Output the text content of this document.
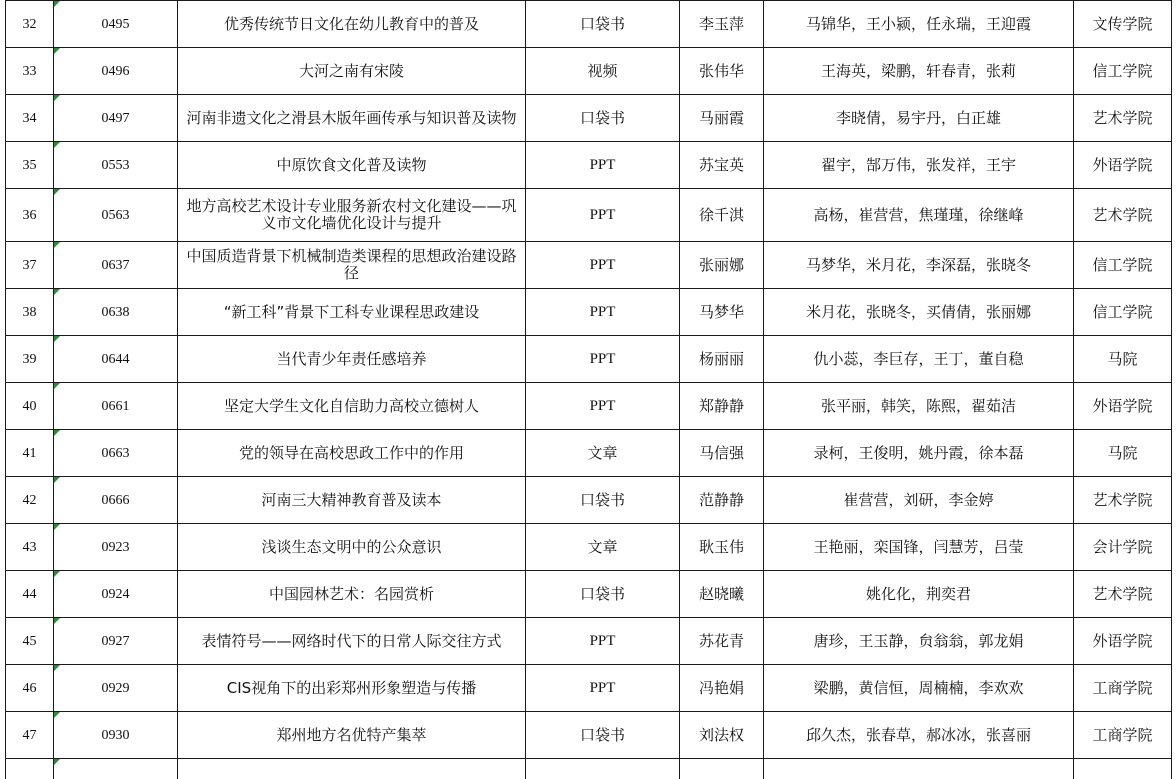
32	0495	优秀传统节日文化在幼儿教育中的普及	口袋书	李玉萍	马锦华，王小颍，任永瑞，王迎霞	文传学院
33	0496	大河之南有宋陵	视频	张伟华	王海英，梁鹏，轩春青，张莉	信工学院
34	0497	河南非遗文化之滑县木版年画传承与知识普及读物	口袋书	马丽霞	李晓倩，易宇丹，白正雄	艺术学院
35	0553	中原饮食文化普及读物	PPT	苏宝英	翟宇，郜万伟，张发祥，王宇	外语学院
36	0563	地方高校艺术设计专业服务新农村文化建设——巩义市文化墙优化设计与提升	PPT	徐千淇	高杨，崔营营，焦瑾瑾，徐继峰	艺术学院
37	0637	中国质造背景下机械制造类课程的思想政治建设路径	PPT	张丽娜	马梦华，米月花，李深磊，张晓冬	信工学院
38	0638	“新工科”背景下工科专业课程思政建设	PPT	马梦华	米月花，张晓冬，买倩倩，张丽娜	信工学院
39	0644	当代青少年责任感培养	PPT	杨丽丽	仇小蕊，李巨存，王丁，董自稳	马院
40	0661	坚定大学生文化自信助力高校立德树人	PPT	郑静静	张平丽，韩笑，陈熙，翟茹洁	外语学院
41	0663	党的领导在高校思政工作中的作用	文章	马信强	录柯，王俊明，姚丹霞，徐本磊	马院
42	0666	河南三大精神教育普及读本	口袋书	范静静	崔营营，刘研，李金婷	艺术学院
43	0923	浅谈生态文明中的公众意识	文章	耿玉伟	王艳丽，栾国锋，闫慧芳，吕莹	会计学院
44	0924	中国园林艺术：名园赏析	口袋书	赵晓曦	姚化化，荆奕君	艺术学院
45	0927	表情符号——网络时代下的日常人际交往方式	PPT	苏花青	唐珍，王玉静，贠翁翁，郭龙娟	外语学院
46	0929	CIS视角下的出彩郑州形象塑造与传播	PPT	冯艳娟	梁鹏，黄信恒，周楠楠，李欢欢	工商学院
47	0930	郑州地方名优特产集萃	口袋书	刘法权	邱久杰，张春草，郝冰冰，张喜丽	工商学院
